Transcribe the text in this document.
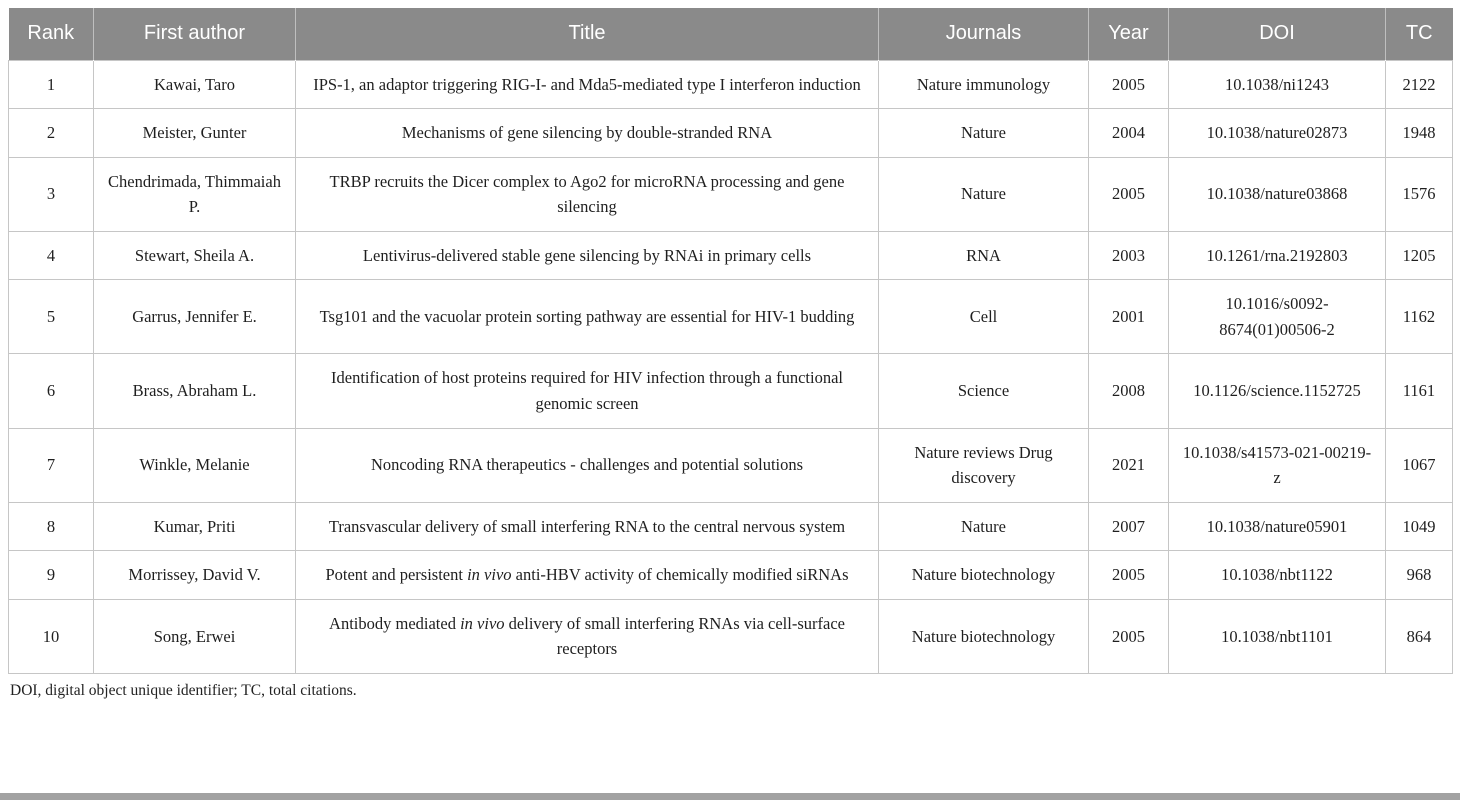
Rank	First author	Title	Journals	Year	DOI	TC
1	Kawai, Taro	IPS-1, an adaptor triggering RIG-I- and Mda5-mediated type I interferon induction	Nature immunology	2005	10.1038/ni1243	2122
2	Meister, Gunter	Mechanisms of gene silencing by double-stranded RNA	Nature	2004	10.1038/nature02873	1948
3	Chendrimada, Thimmaiah P.	TRBP recruits the Dicer complex to Ago2 for microRNA processing and gene silencing	Nature	2005	10.1038/nature03868	1576
4	Stewart, Sheila A.	Lentivirus-delivered stable gene silencing by RNAi in primary cells	RNA	2003	10.1261/rna.2192803	1205
5	Garrus, Jennifer E.	Tsg101 and the vacuolar protein sorting pathway are essential for HIV-1 budding	Cell	2001	10.1016/s0092-8674(01)00506-2	1162
6	Brass, Abraham L.	Identification of host proteins required for HIV infection through a functional genomic screen	Science	2008	10.1126/science.1152725	1161
7	Winkle, Melanie	Noncoding RNA therapeutics - challenges and potential solutions	Nature reviews Drug discovery	2021	10.1038/s41573-021-00219-z	1067
8	Kumar, Priti	Transvascular delivery of small interfering RNA to the central nervous system	Nature	2007	10.1038/nature05901	1049
9	Morrissey, David V.	Potent and persistent in vivo anti-HBV activity of chemically modified siRNAs	Nature biotechnology	2005	10.1038/nbt1122	968
10	Song, Erwei	Antibody mediated in vivo delivery of small interfering RNAs via cell-surface receptors	Nature biotechnology	2005	10.1038/nbt1101	864
DOI, digital object unique identifier; TC, total citations.
